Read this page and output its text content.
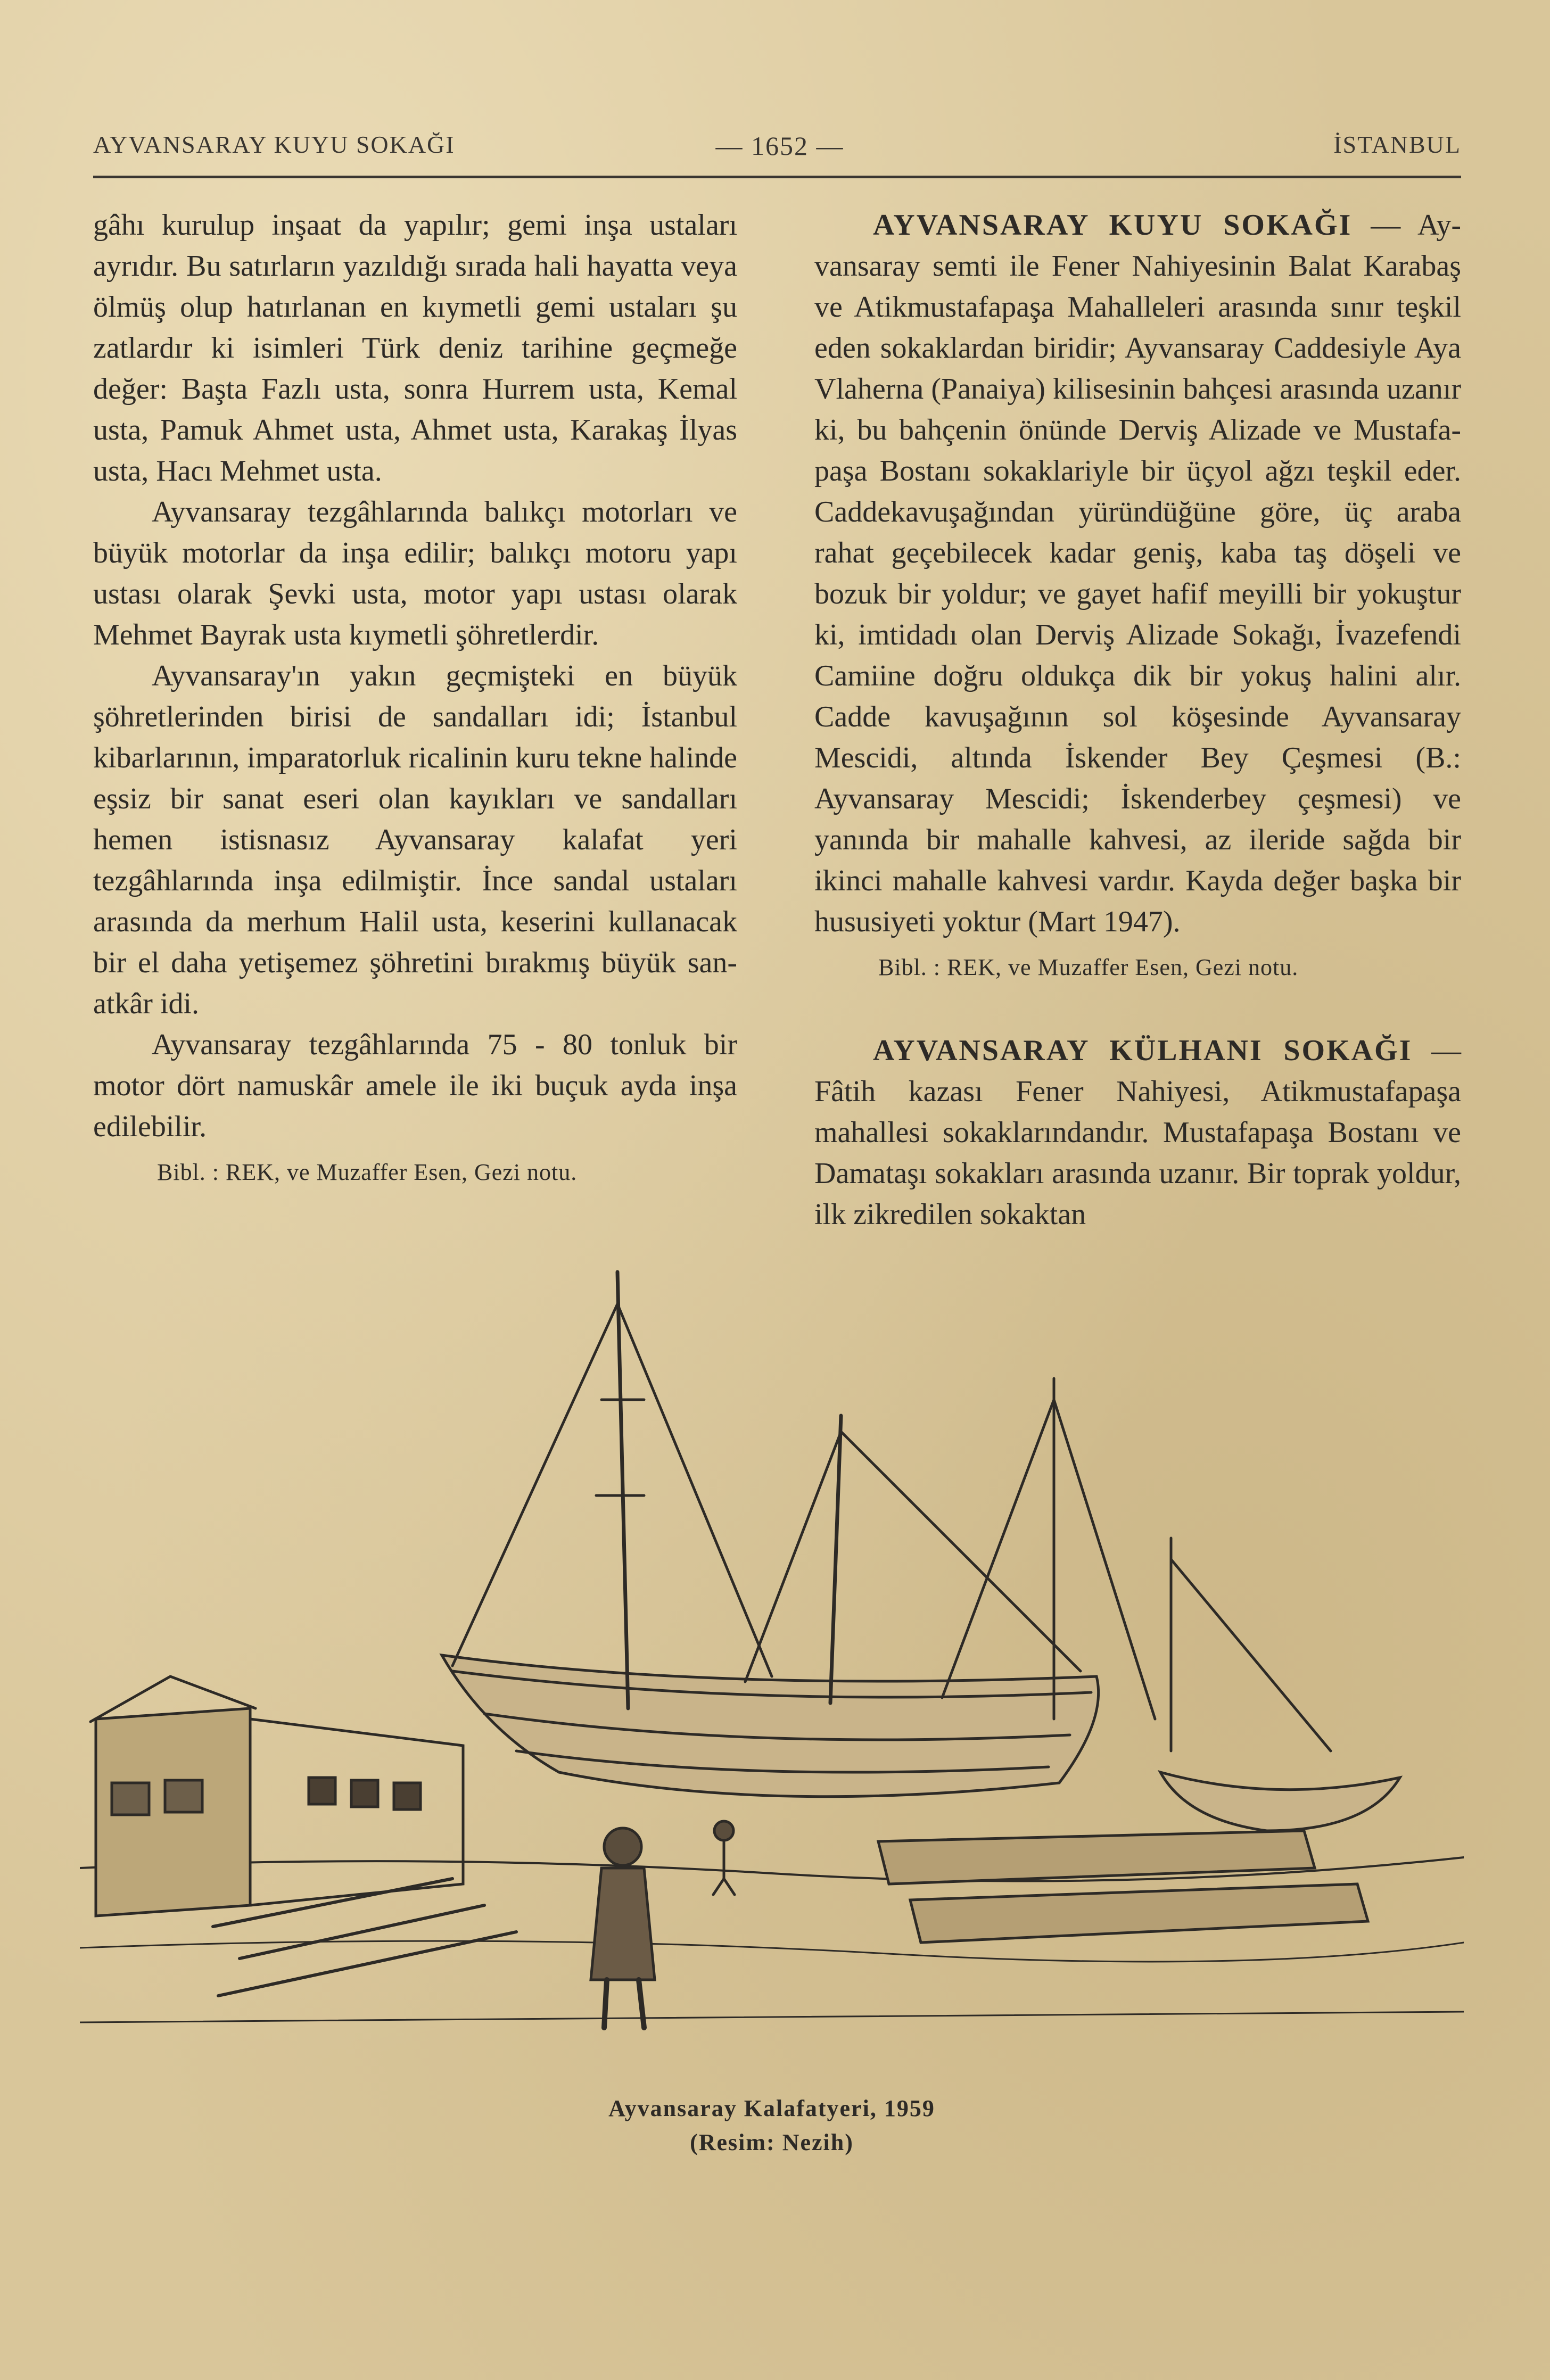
AYVANSARAY KUYU SOKAĞI	— 1652 —	İSTANBUL

gâhı kurulup inşaat da yapılır; gemi inşa ustaları ayrıdır. Bu satırların yazıldığı sırada hali hayatta veya ölmüş olup hatırlanan en kıymetli gemi ustaları şu zatlardır ki isimleri Türk deniz tarihine geçmeğe değer: Başta Fazlı usta, sonra Hurrem usta, Kemal usta, Pamuk Ahmet usta, Ahmet usta, Karakaş İlyas usta, Hacı Mehmet usta.

Ayvansaray tezgâhlarında balıkçı motorları ve büyük motorlar da inşa edilir; balıkçı motoru yapı ustası olarak Şevki usta, motor yapı ustası olarak Mehmet Bayrak usta kıymetli şöhretlerdir.

Ayvansaray'ın yakın geçmişteki en büyük şöhretlerinden birisi de sandalları idi; İstanbul kibarlarının, imparatorluk ricalinin kuru tekne halinde eşsiz bir sanat eseri olan kayıkları ve sandalları hemen istisnasız Ayvansaray kalafat yeri tezgâhlarında inşa edilmiştir. İnce sandal ustaları arasında da merhum Halil usta, keserini kullanacak bir el daha yetişemez şöhretini bırakmış büyük sanatkâr idi.

Ayvansaray tezgâhlarında 75 - 80 tonluk bir motor dört namuskâr amele ile iki buçuk ayda inşa edilebilir.

Bibl. : REK, ve Muzaffer Esen, Gezi notu.

AYVANSARAY KUYU SOKAĞI — Ayvansaray semti ile Fener Nahiyesinin Balat Karabaş ve Atikmustafapaşa Mahalleleri arasında sınır teşkil eden sokaklardan biridir; Ayvansaray Caddesiyle Aya Vlaherna (Panaiya) kilisesinin bahçesi arasında uzanır ki, bu bahçenin önünde Derviş Alizade ve Mustafapaşa Bostanı sokaklariyle bir üçyol ağzı teşkil eder. Caddekavuşağından yüründüğüne göre, üç araba rahat geçebilecek kadar geniş, kaba taş döşeli ve bozuk bir yoldur; ve gayet hafif meyilli bir yokuştur ki, imtidadı olan Derviş Alizade Sokağı, İvazefendi Camiine doğru oldukça dik bir yokuş halini alır. Cadde kavuşağının sol köşesinde Ayvansaray Mescidi, altında İskender Bey Çeşmesi (B.: Ayvansaray Mescidi; İskenderbey çeşmesi) ve yanında bir mahalle kahvesi, az ileride sağda bir ikinci mahalle kahvesi vardır. Kayda değer başka bir hususiyeti yoktur (Mart 1947).

Bibl. : REK, ve Muzaffer Esen, Gezi notu.

AYVANSARAY KÜLHANI SOKAĞI — Fâtih kazası Fener Nahiyesi, Atikmustafapaşa mahallesi sokaklarındandır. Mustafapaşa Bostanı ve Damataşı sokakları arasında uzanır. Bir toprak yoldur, ilk zikredilen sokaktan

Ayvansaray Kalafatyeri, 1959
(Resim: Nezih)
